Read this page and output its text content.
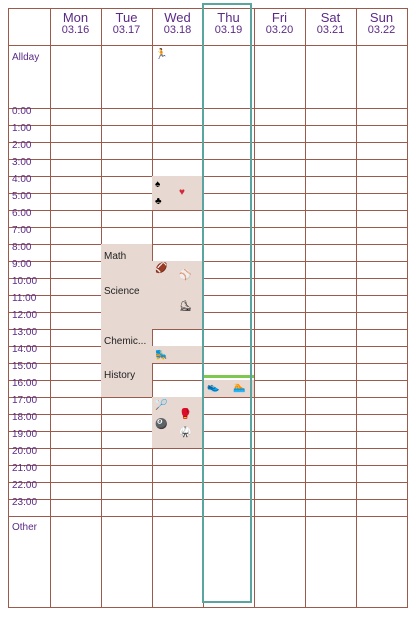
Mon
03.16
Tue
03.17
Wed
03.18
Thu
03.19
Fri
03.20
Sat
03.21
Sun
03.22
Allday
0:00
1:00
2:00
3:00
4:00
5:00
6:00
7:00
8:00
9:00
10:00
11:00
12:00
13:00
14:00
15:00
16:00
17:00
18:00
19:00
20:00
21:00
22:00
23:00
Other
Math
Science
Chemic...
History
🏃
♠
♥
♣
🏈
⚾
⛸
🛼
🏸
🥊
🎱
🥋
👟 🏊
